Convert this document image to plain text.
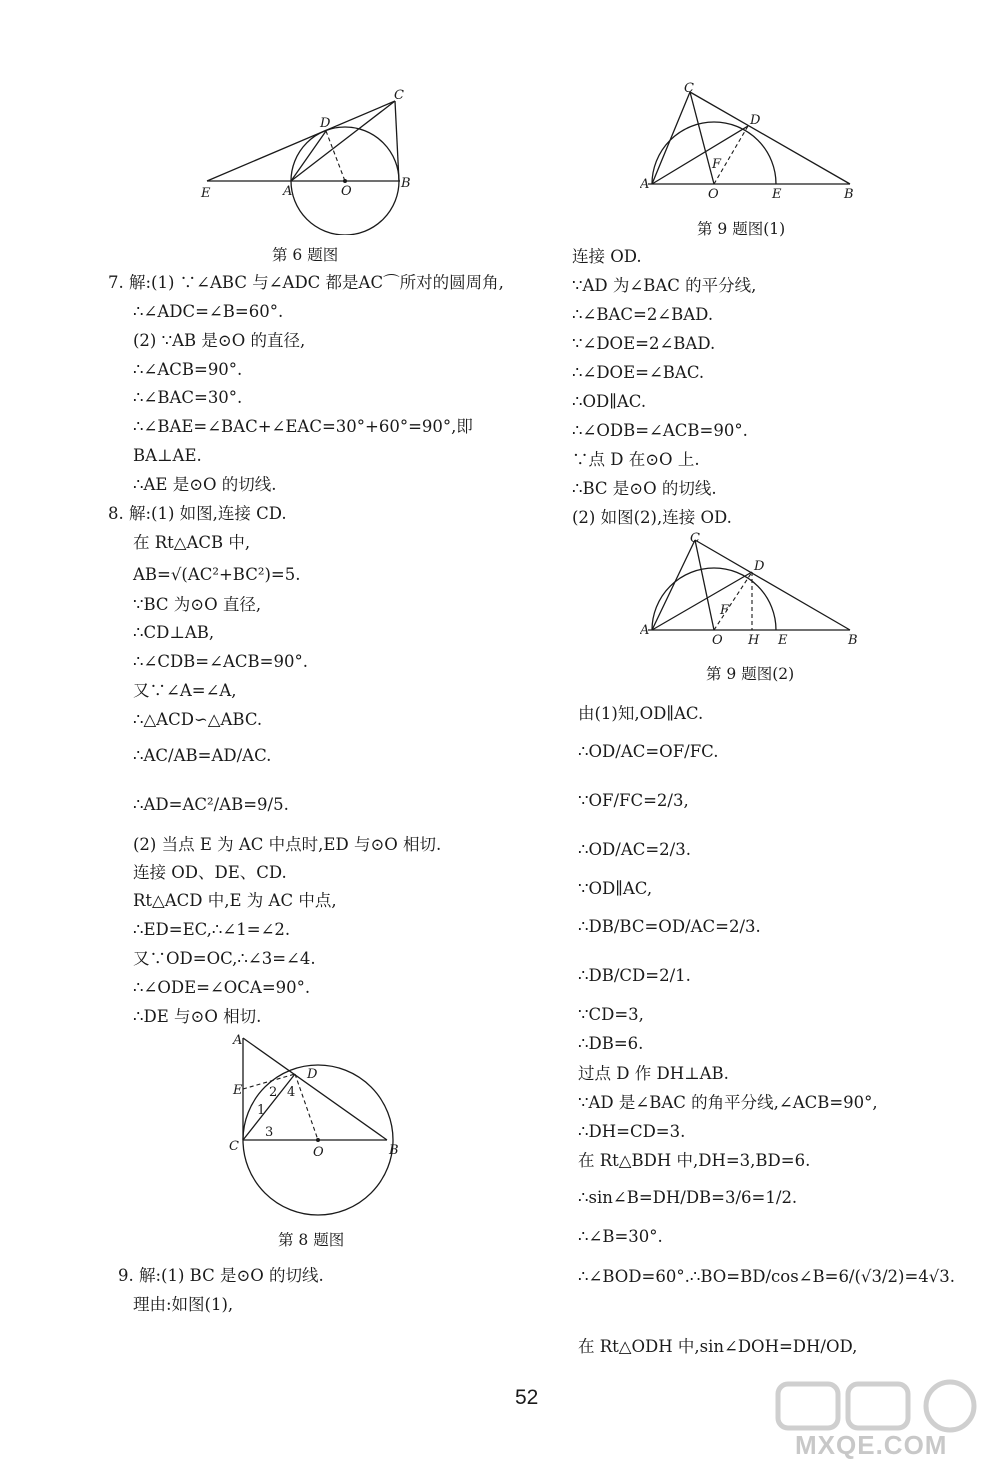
C
D
E	A	O
B
第 6 题图
C
D
F
A
O	E	B
第 9 题图(1)
7. 解:(1) ∵∠ABC 与∠ADC 都是AC⌒所对的圆周角,
∴∠ADC=∠B=60°.
(2) ∵AB 是⊙O 的直径,
∴∠ACB=90°.
∴∠BAC=30°.
∴∠BAE=∠BAC+∠EAC=30°+60°=90°,即
BA⊥AE.
∴AE 是⊙O 的切线.
8. 解:(1) 如图,连接 CD.
在 Rt△ACB 中,
AB=√(AC²+BC²)=5.
∵BC 为⊙O 直径,
∴CD⊥AB,
∴∠CDB=∠ACB=90°.
又∵∠A=∠A,
∴△ACD∽△ABC.
∴AC/AB=AD/AC.
∴AD=AC²/AB=9/5.
(2) 当点 E 为 AC 中点时,ED 与⊙O 相切.
连接 OD、DE、CD.
Rt△ACD 中,E 为 AC 中点,
∴ED=EC,∴∠1=∠2.
又∵OD=OC,∴∠3=∠4.
∴∠ODE=∠OCA=90°.
∴DE 与⊙O 相切.
9. 解:(1) BC 是⊙O 的切线.
理由:如图(1),
A
D
E 2 4
1
3
C	O	B
第 8 题图
连接 OD.
∵AD 为∠BAC 的平分线,
∴∠BAC=2∠BAD.
∵∠DOE=2∠BAD.
∴∠DOE=∠BAC.
∴OD∥AC.
∴∠ODB=∠ACB=90°.
∵点 D 在⊙O 上.
∴BC 是⊙O 的切线.
(2) 如图(2),连接 OD.
由(1)知,OD∥AC.
∴OD/AC=OF/FC.
∵OF/FC=2/3,
∴OD/AC=2/3.
∵OD∥AC,
∴DB/BC=OD/AC=2/3.
∴DB/CD=2/1.
∵CD=3,
∴DB=6.
过点 D 作 DH⊥AB.
∵AD 是∠BAC 的角平分线,∠ACB=90°,
∴DH=CD=3.
在 Rt△BDH 中,DH=3,BD=6.
∴sin∠B=DH/DB=3/6=1/2.
∴∠B=30°.
∴∠BOD=60°.∴BO=BD/cos∠B=6/(√3/2)=4√3.
在 Rt△ODH 中,sin∠DOH=DH/OD,
C
D
F
A
O H E	B
第 9 题图(2)
52
MXQE.COM
